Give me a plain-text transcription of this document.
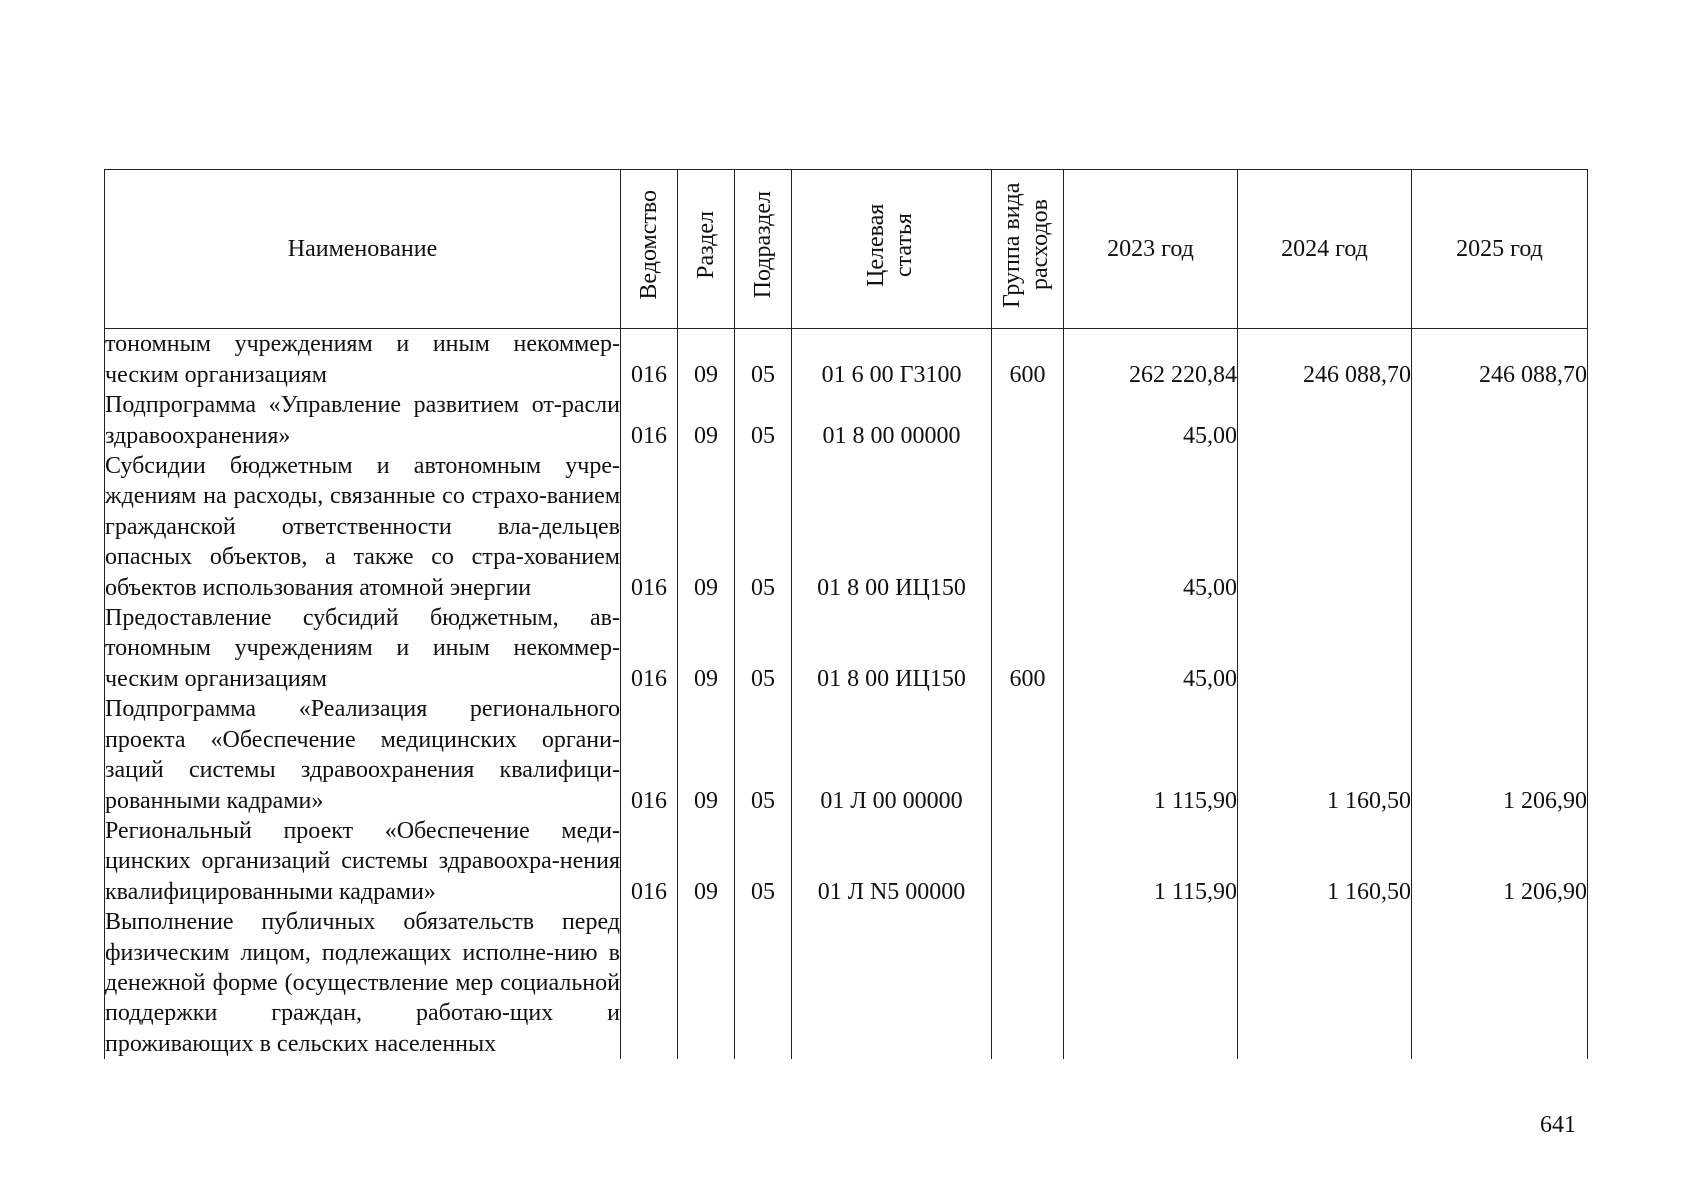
Наименование	Ведомство	Раздел	Подраздел	Целевая статья	Группа вида расходов	2023 год	2024 год	2025 год
тономным учреждениям и иным некоммер-ческим организациям	016	09	05	01 6 00 Г3100	600	262 220,84	246 088,70	246 088,70
Подпрограмма «Управление развитием от-расли здравоохранения»	016	09	05	01 8 00 00000		45,00		
Субсидии бюджетным и автономным учре-ждениям на расходы, связанные со страхо-ванием гражданской ответственности вла-дельцев опасных объектов, а также со стра-хованием объектов использования атомной энергии	016	09	05	01 8 00 ИЦ150		45,00		
Предоставление субсидий бюджетным, ав-тономным учреждениям и иным некоммер-ческим организациям	016	09	05	01 8 00 ИЦ150	600	45,00		
Подпрограмма «Реализация регионального проекта «Обеспечение медицинских органи-заций системы здравоохранения квалифици-рованными кадрами»	016	09	05	01 Л 00 00000		1 115,90	1 160,50	1 206,90
Региональный проект «Обеспечение меди-цинских организаций системы здравоохра-нения квалифицированными кадрами»	016	09	05	01 Л N5 00000		1 115,90	1 160,50	1 206,90
Выполнение публичных обязательств перед физическим лицом, подлежащих исполне-нию в денежной форме (осуществление мер социальной поддержки граждан, работаю-щих и проживающих в сельских населенных								
641
